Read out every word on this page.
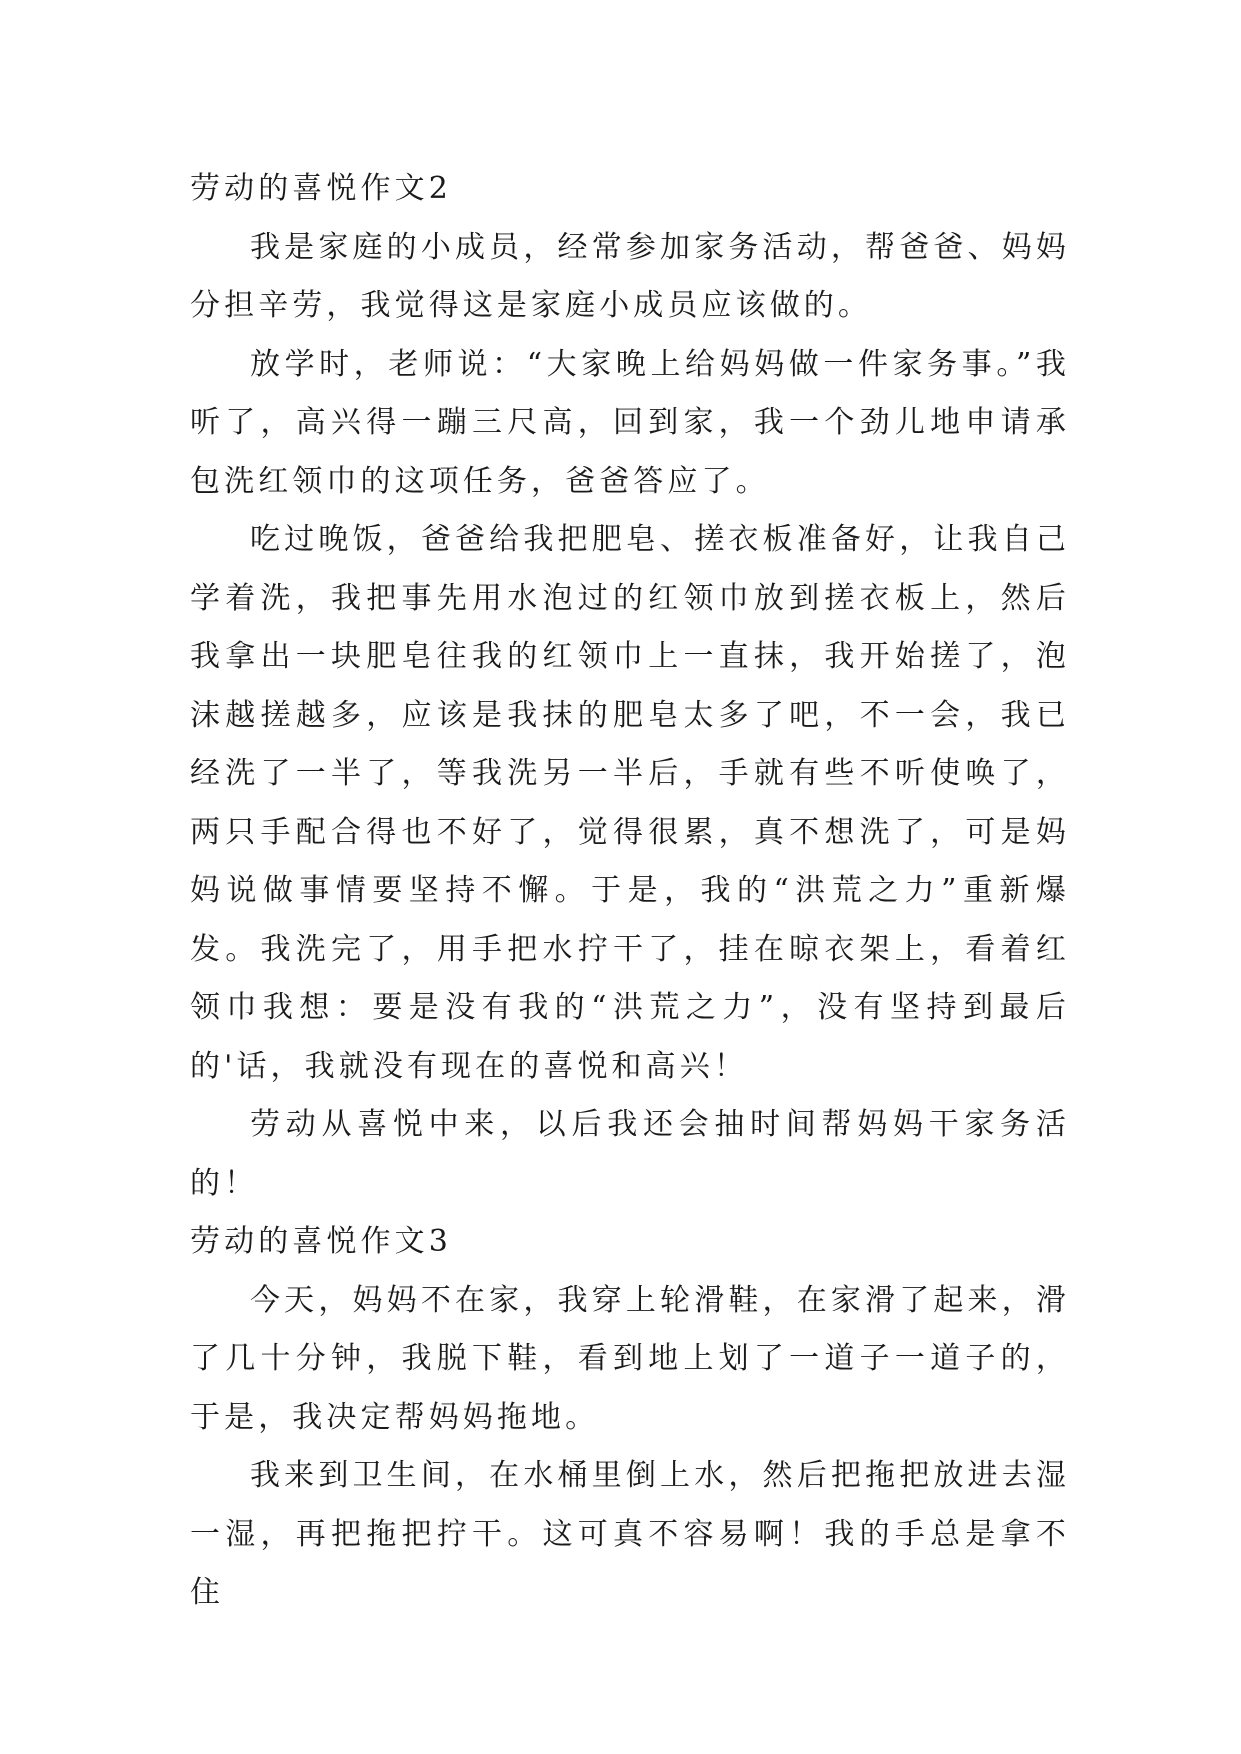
劳动的喜悦作文2

我是家庭的小成员，经常参加家务活动，帮爸爸、妈妈分担辛劳，我觉得这是家庭小成员应该做的。

放学时，老师说：“大家晚上给妈妈做一件家务事。”我听了，高兴得一蹦三尺高，回到家，我一个劲儿地申请承包洗红领巾的这项任务，爸爸答应了。

吃过晚饭，爸爸给我把肥皂、搓衣板准备好，让我自己学着洗，我把事先用水泡过的红领巾放到搓衣板上，然后我拿出一块肥皂往我的红领巾上一直抹，我开始搓了，泡沫越搓越多，应该是我抹的肥皂太多了吧，不一会，我已经洗了一半了，等我洗另一半后，手就有些不听使唤了，两只手配合得也不好了，觉得很累，真不想洗了，可是妈妈说做事情要坚持不懈。于是，我的“洪荒之力”重新爆发。我洗完了，用手把水拧干了，挂在晾衣架上，看着红领巾我想：要是没有我的“洪荒之力”，没有坚持到最后的'话，我就没有现在的喜悦和高兴！

劳动从喜悦中来，以后我还会抽时间帮妈妈干家务活的！

劳动的喜悦作文3

今天，妈妈不在家，我穿上轮滑鞋，在家滑了起来，滑了几十分钟，我脱下鞋，看到地上划了一道子一道子的，于是，我决定帮妈妈拖地。

我来到卫生间，在水桶里倒上水，然后把拖把放进去湿一湿，再把拖把拧干。这可真不容易啊！我的手总是拿不住
